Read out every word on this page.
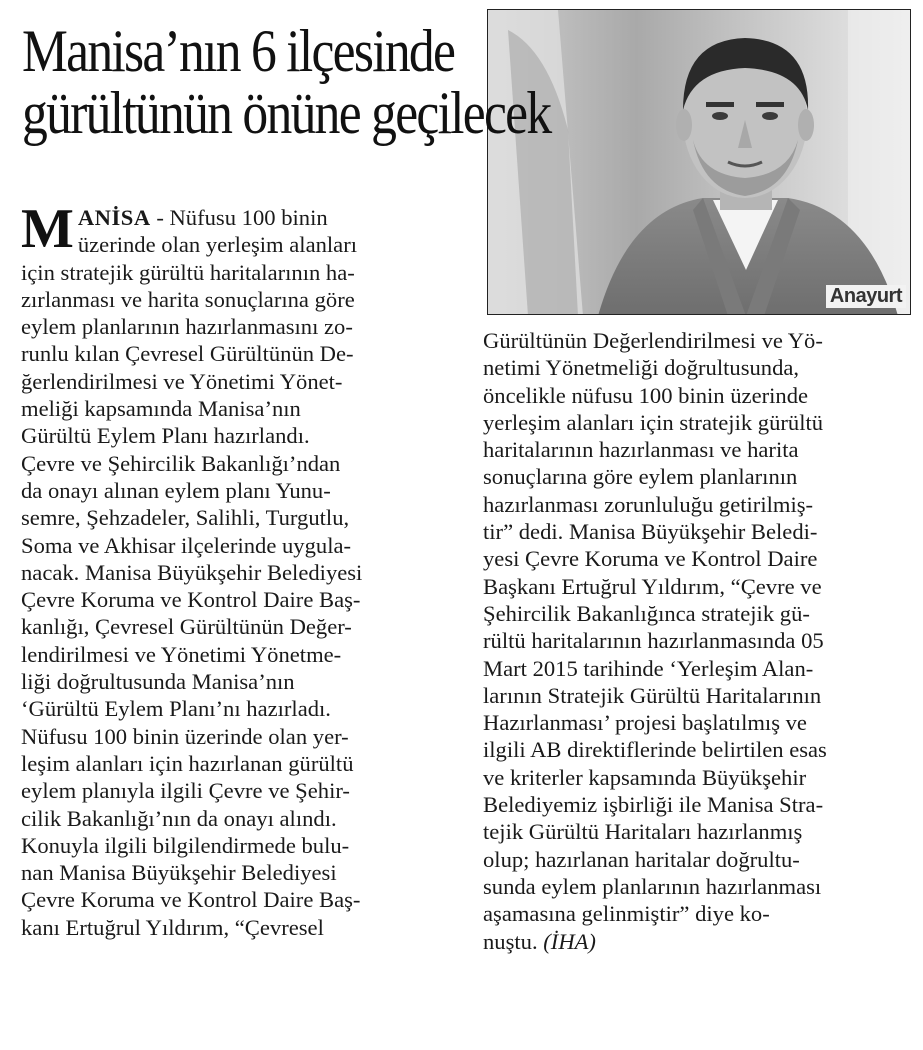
Anayurt
Manisa’nın 6 ilçesinde
gürültünün önüne geçilecek
M ANİSA - Nüfusu 100 binin
üzerinde olan yerleşim alanları
için stratejik gürültü haritalarının ha-
zırlanması ve harita sonuçlarına göre
eylem planlarının hazırlanmasını zo-
runlu kılan Çevresel Gürültünün De-
ğerlendirilmesi ve Yönetimi Yönet-
meliği kapsamında Manisa’nın
Gürültü Eylem Planı hazırlandı.
Çevre ve Şehircilik Bakanlığı’ndan
da onayı alınan eylem planı Yunu-
semre, Şehzadeler, Salihli, Turgutlu,
Soma ve Akhisar ilçelerinde uygula-
nacak. Manisa Büyükşehir Belediyesi
Çevre Koruma ve Kontrol Daire Baş-
kanlığı, Çevresel Gürültünün Değer-
lendirilmesi ve Yönetimi Yönetme-
liği doğrultusunda Manisa’nın
‘Gürültü Eylem Planı’nı hazırladı.
Nüfusu 100 binin üzerinde olan yer-
leşim alanları için hazırlanan gürültü
eylem planıyla ilgili Çevre ve Şehir-
cilik Bakanlığı’nın da onayı alındı.
Konuyla ilgili bilgilendirmede bulu-
nan Manisa Büyükşehir Belediyesi
Çevre Koruma ve Kontrol Daire Baş-
kanı Ertuğrul Yıldırım, “Çevresel
Gürültünün Değerlendirilmesi ve Yö-
netimi Yönetmeliği doğrultusunda,
öncelikle nüfusu 100 binin üzerinde
yerleşim alanları için stratejik gürültü
haritalarının hazırlanması ve harita
sonuçlarına göre eylem planlarının
hazırlanması zorunluluğu getirilmiş-
tir” dedi. Manisa Büyükşehir Beledi-
yesi Çevre Koruma ve Kontrol Daire
Başkanı Ertuğrul Yıldırım, “Çevre ve
Şehircilik Bakanlığınca stratejik gü-
rültü haritalarının hazırlanmasında 05
Mart 2015 tarihinde ‘Yerleşim Alan-
larının Stratejik Gürültü Haritalarının
Hazırlanması’ projesi başlatılmış ve
ilgili AB direktiflerinde belirtilen esas
ve kriterler kapsamında Büyükşehir
Belediyemiz işbirliği ile Manisa Stra-
tejik Gürültü Haritaları hazırlanmış
olup; hazırlanan haritalar doğrultu-
sunda eylem planlarının hazırlanması
aşamasına gelinmiştir” diye ko-
nuştu. (İHA)
